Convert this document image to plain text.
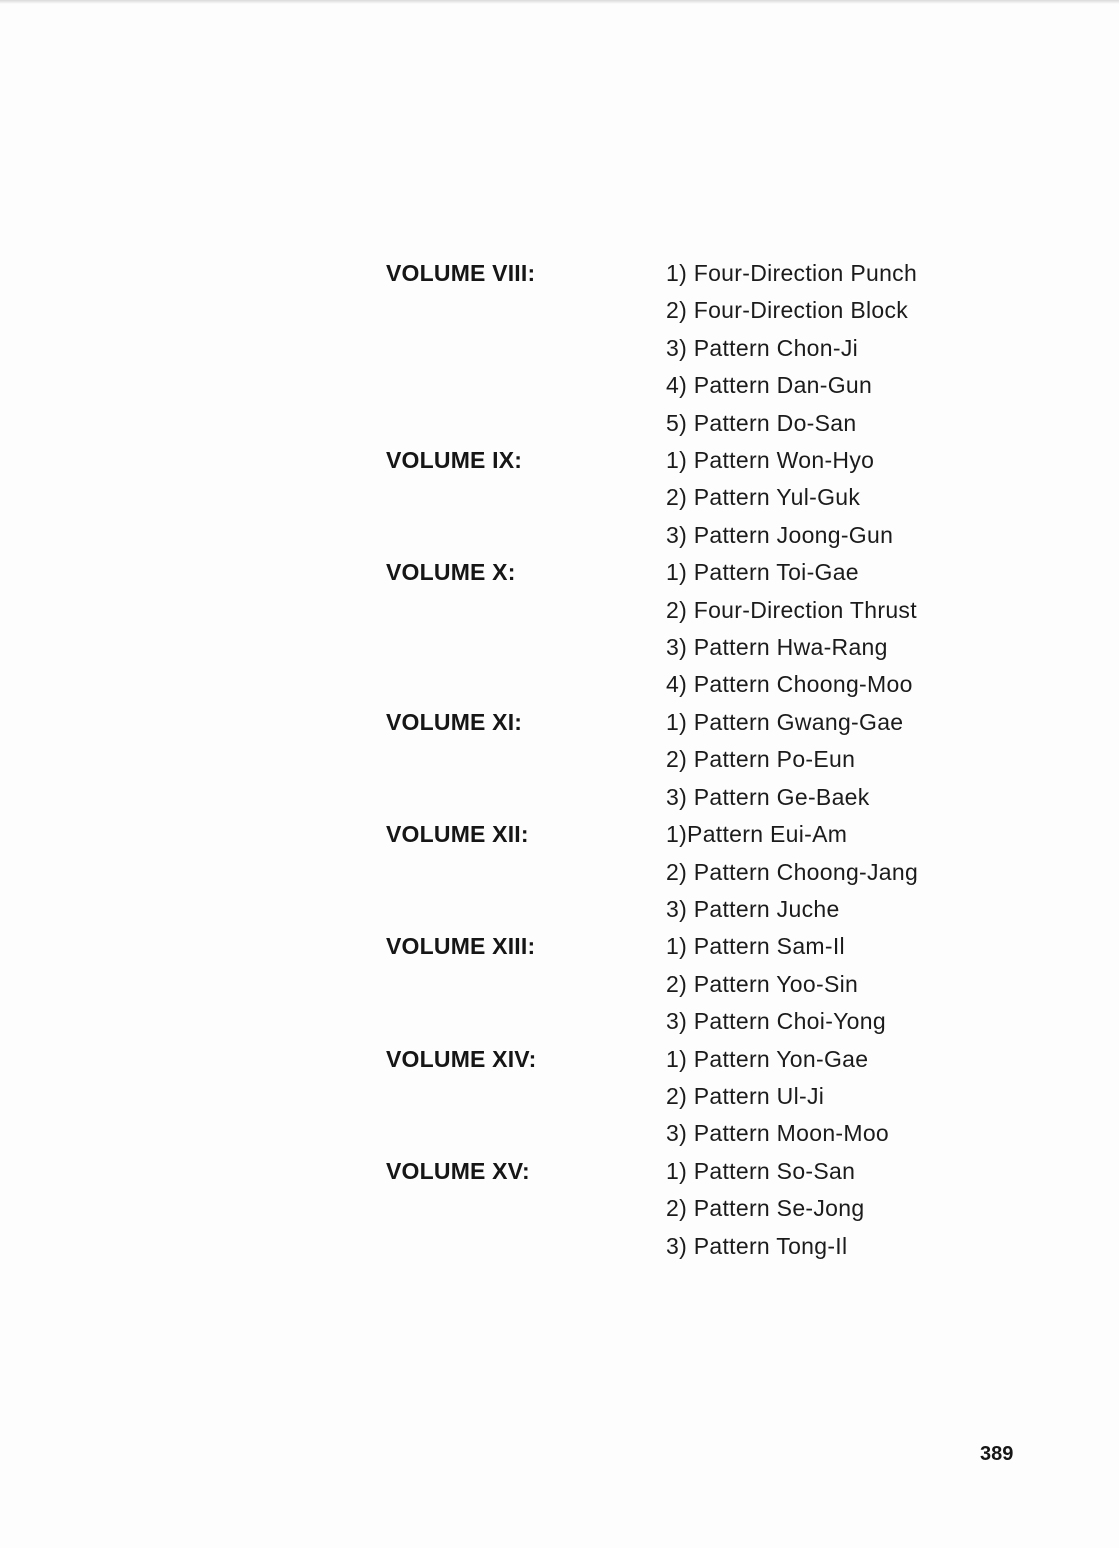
VOLUME VIII:	1) Four-Direction Punch
2) Four-Direction Block
3) Pattern Chon-Ji
4) Pattern Dan-Gun
5) Pattern Do-San
VOLUME IX:	1) Pattern Won-Hyo
2) Pattern Yul-Guk
3) Pattern Joong-Gun
VOLUME X:	1) Pattern Toi-Gae
2) Four-Direction Thrust
3) Pattern Hwa-Rang
4) Pattern Choong-Moo
VOLUME XI:	1) Pattern Gwang-Gae
2) Pattern Po-Eun
3) Pattern Ge-Baek
VOLUME XII:	1)Pattern Eui-Am
2) Pattern Choong-Jang
3) Pattern Juche
VOLUME XIII:	1) Pattern Sam-Il
2) Pattern Yoo-Sin
3) Pattern Choi-Yong
VOLUME XIV:	1) Pattern Yon-Gae
2) Pattern Ul-Ji
3) Pattern Moon-Moo
VOLUME XV:	1) Pattern So-San
2) Pattern Se-Jong
3) Pattern Tong-Il
389
